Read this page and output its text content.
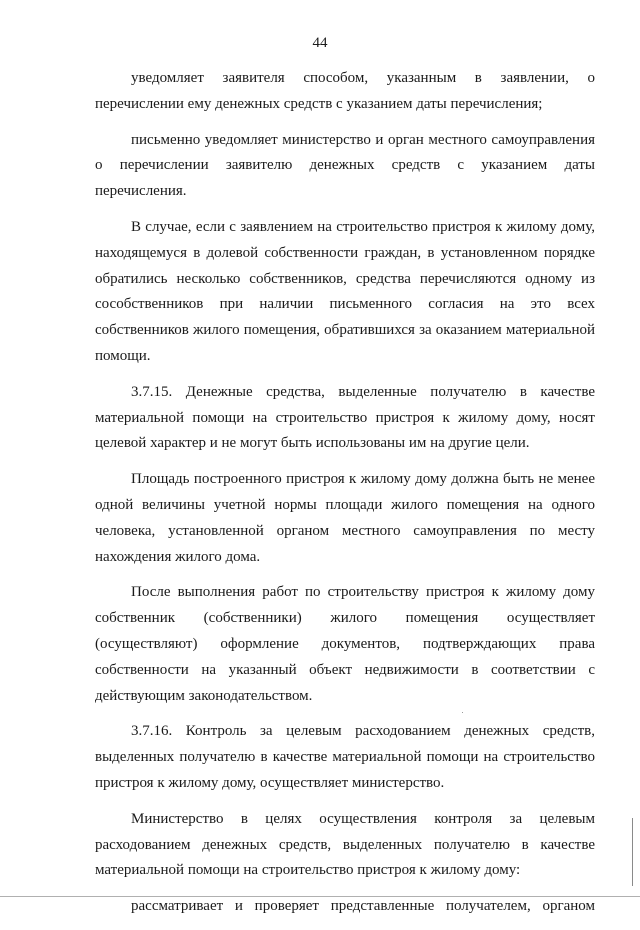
44

уведомляет заявителя способом, указанным в заявлении, о перечислении ему денежных средств с указанием даты перечисления;

письменно уведомляет министерство и орган местного самоуправления о перечислении заявителю денежных средств с указанием даты перечисления.

В случае, если с заявлением на строительство пристроя к жилому дому, находящемуся в долевой собственности граждан, в установленном порядке обратились несколько собственников, средства перечисляются одному из сособственников при наличии письменного согласия на это всех собственников жилого помещения, обратившихся за оказанием материальной помощи.

3.7.15. Денежные средства, выделенные получателю в качестве материальной помощи на строительство пристроя к жилому дому, носят целевой характер и не могут быть использованы им на другие цели.

Площадь построенного пристроя к жилому дому должна быть не менее одной величины учетной нормы площади жилого помещения на одного человека, установленной органом местного самоуправления по месту нахождения жилого дома.

После выполнения работ по строительству пристроя к жилому дому собственник (собственники) жилого помещения осуществляет (осуществляют) оформление документов, подтверждающих права собственности на указанный объект недвижимости в соответствии с действующим законодательством.

3.7.16. Контроль за целевым расходованием денежных средств, выделенных получателю в качестве материальной помощи на строительство пристроя к жилому дому, осуществляет министерство.

Министерство в целях осуществления контроля за целевым расходованием денежных средств, выделенных получателю в качестве материальной помощи на строительство пристроя к жилому дому:

рассматривает и проверяет представленные получателем, органом
